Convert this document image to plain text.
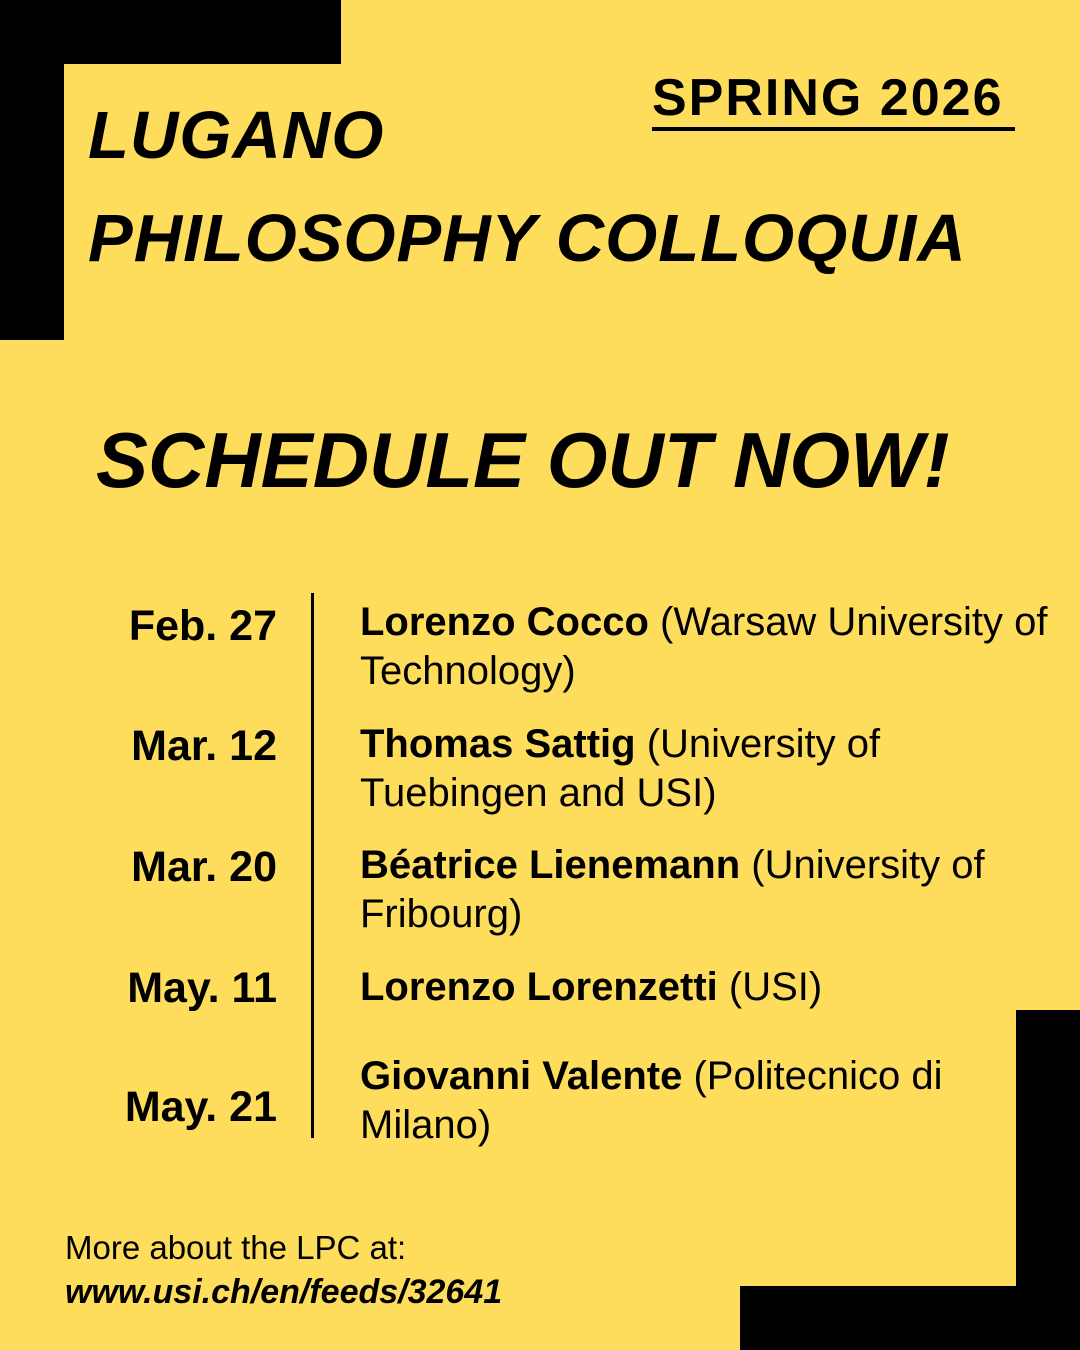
LUGANO
PHILOSOPHY COLLOQUIA
SPRING 2026
SCHEDULE OUT NOW!
Feb. 27 Lorenzo Cocco (Warsaw University of Technology)
Mar. 12 Thomas Sattig (University of Tuebingen and USI)
Mar. 20 Béatrice Lienemann (University of Fribourg)
May. 11 Lorenzo Lorenzetti (USI)
May. 21
Giovanni Valente (Politecnico di Milano)
More about the LPC at:
www.usi.ch/en/feeds/32641
